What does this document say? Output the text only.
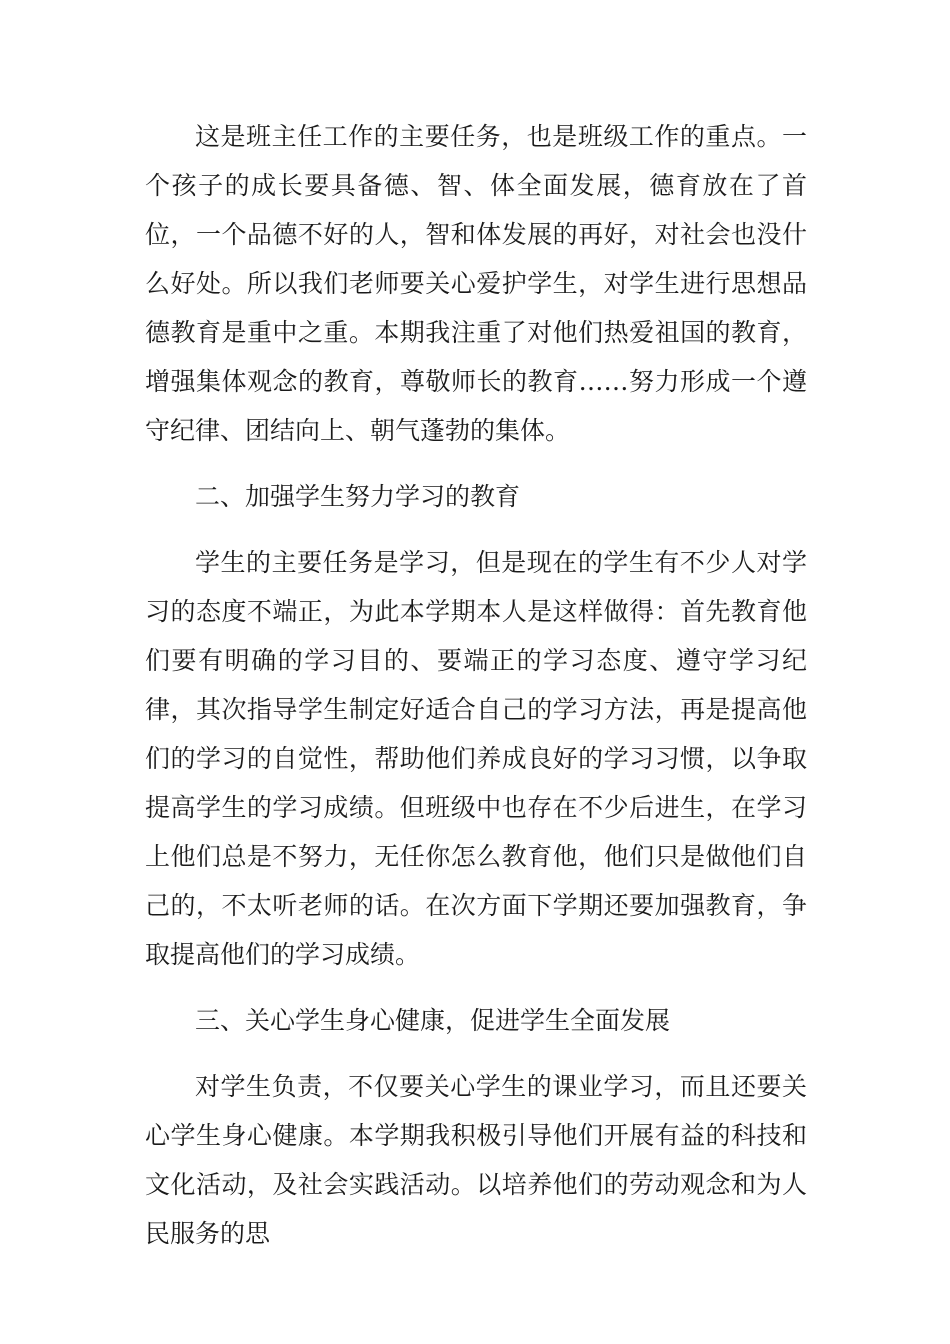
这是班主任工作的主要任务，也是班级工作的重点。一个孩子的成长要具备德、智、体全面发展，德育放在了首位，一个品德不好的人，智和体发展的再好，对社会也没什么好处。所以我们老师要关心爱护学生，对学生进行思想品德教育是重中之重。本期我注重了对他们热爱祖国的教育，增强集体观念的教育，尊敬师长的教育……努力形成一个遵守纪律、团结向上、朝气蓬勃的集体。

二、加强学生努力学习的教育

学生的主要任务是学习，但是现在的学生有不少人对学习的态度不端正，为此本学期本人是这样做得：首先教育他们要有明确的学习目的、要端正的学习态度、遵守学习纪律，其次指导学生制定好适合自己的学习方法，再是提高他们的学习的自觉性，帮助他们养成良好的学习习惯，以争取提高学生的学习成绩。但班级中也存在不少后进生，在学习上他们总是不努力，无任你怎么教育他，他们只是做他们自己的，不太听老师的话。在次方面下学期还要加强教育，争取提高他们的学习成绩。

三、关心学生身心健康，促进学生全面发展

对学生负责，不仅要关心学生的课业学习，而且还要关心学生身心健康。本学期我积极引导他们开展有益的科技和文化活动，及社会实践活动。以培养他们的劳动观念和为人民服务的思
